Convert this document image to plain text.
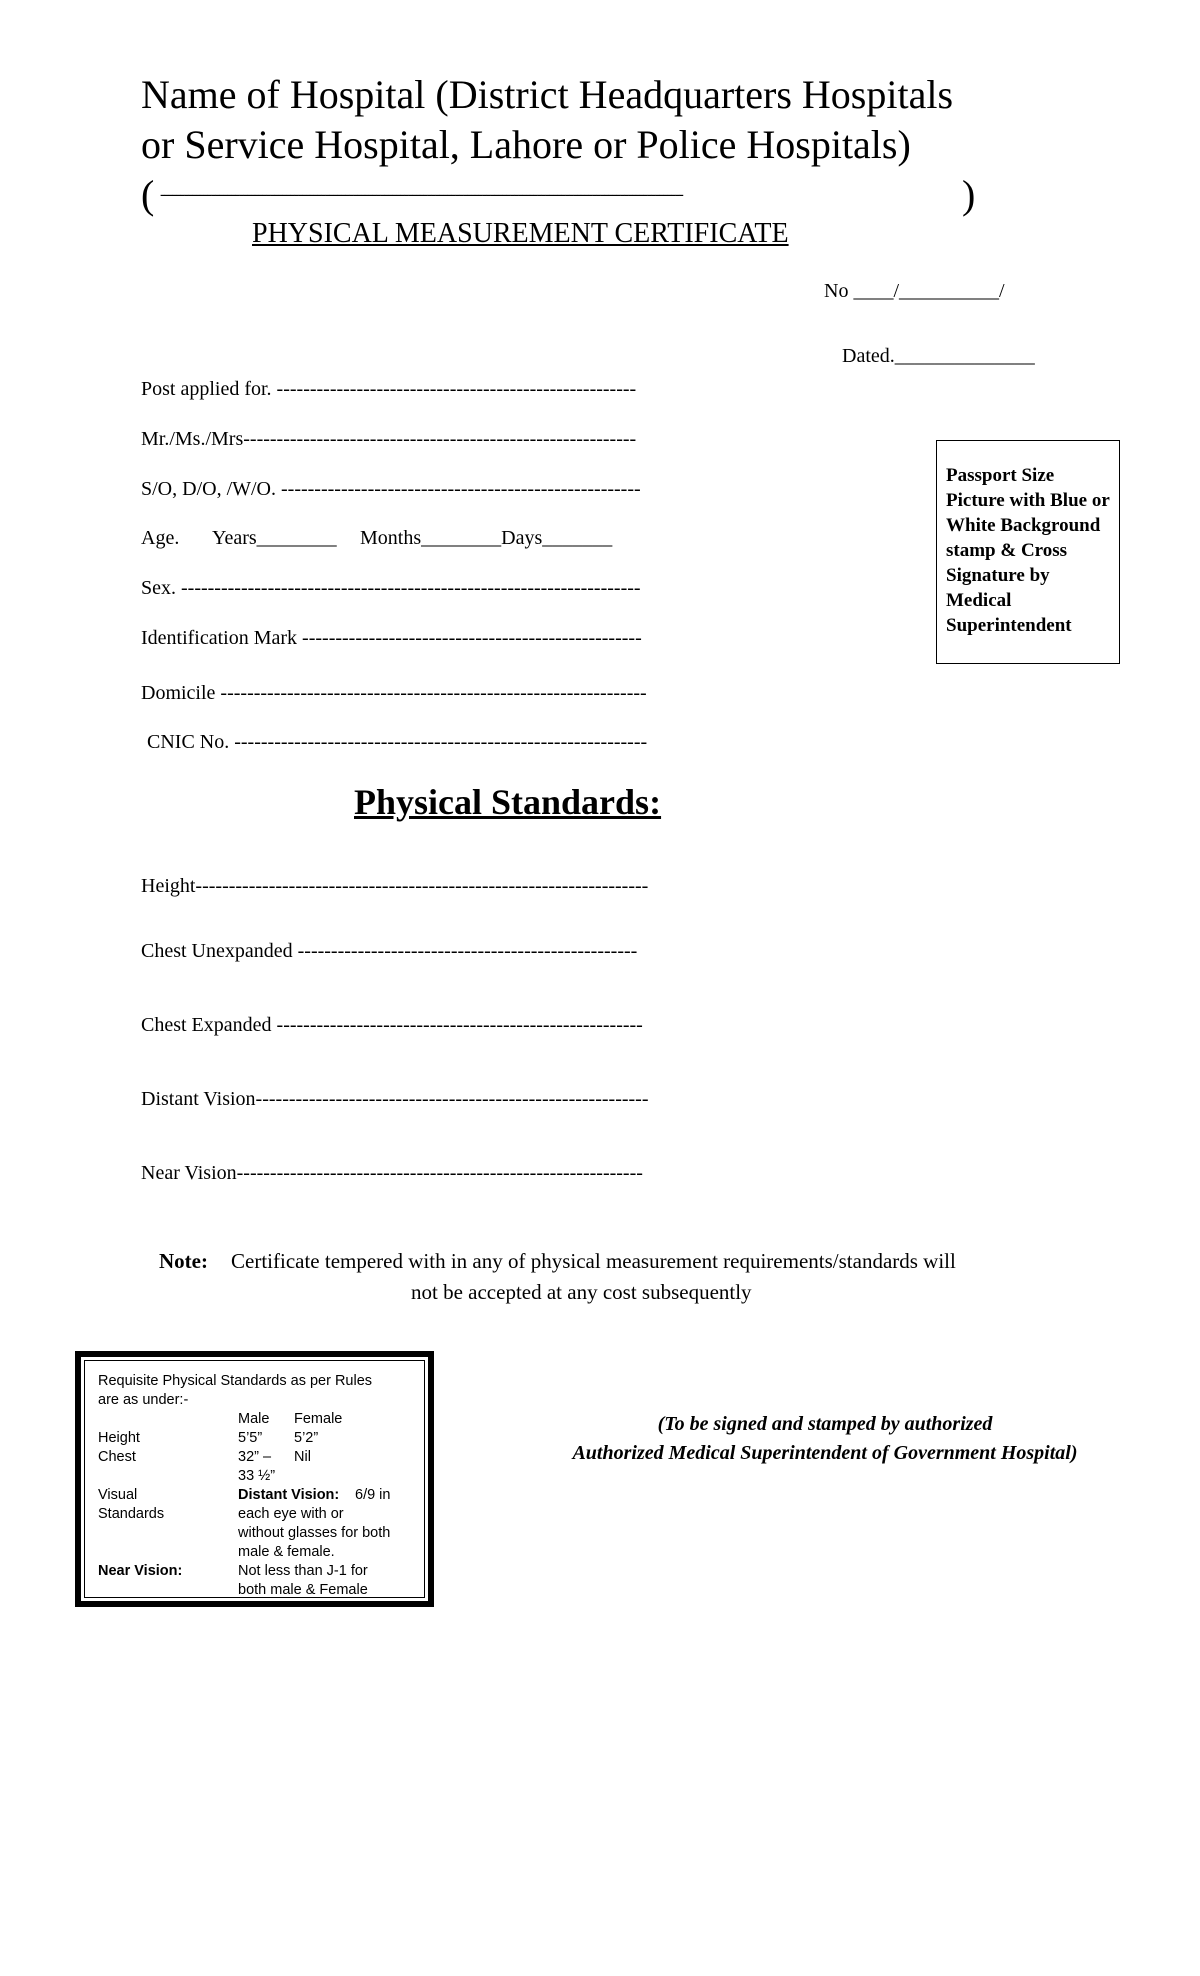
Name of Hospital (District Headquarters Hospitals
or Service Hospital, Lahore or Police Hospitals)
( -------------------------------------------------------------------------------------------------------------------------------------	)
PHYSICAL MEASUREMENT CERTIFICATE
No ____/__________/
Dated.______________
Post applied for. ------------------------------------------------------
Mr./Ms./Mrs-----------------------------------------------------------
S/O, D/O, /W/O. ------------------------------------------------------
Age. Years________ Months________Days_______
Sex. ---------------------------------------------------------------------
Identification Mark ---------------------------------------------------
Domicile ----------------------------------------------------------------
CNIC No. --------------------------------------------------------------
Passport Size Picture with Blue or White Background stamp & Cross Signature by Medical Superintendent
Physical Standards:
Height--------------------------------------------------------------------
Chest Unexpanded ---------------------------------------------------
Chest Expanded -------------------------------------------------------
Distant Vision-----------------------------------------------------------
Near Vision-------------------------------------------------------------
Note: Certificate tempered with in any of physical measurement requirements/standards will
not be accepted at any cost subsequently
Requisite Physical Standards as per Rules
are as under:-
Male Female
Height	5’5” 5’2”
Chest	32” – Nil
33 ½”
Visual
Standards
Distant Vision: 6/9 in
each eye with or
without glasses for both
male & female.
Near Vision:	Not less than J-1 for
both male & Female
(To be signed and stamped by authorized
Authorized Medical Superintendent of Government Hospital)
